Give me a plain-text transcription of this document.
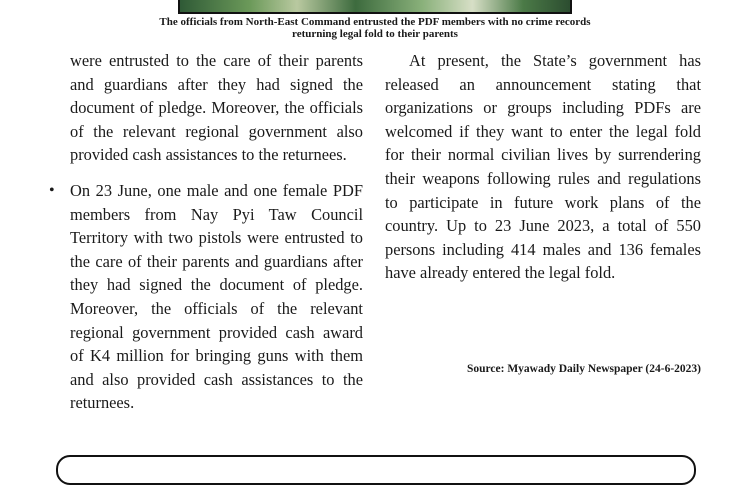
The officials from North-East Command entrusted the PDF members with no crime records
returning legal fold to their parents

were entrusted to the care of their parents and guardians after they had signed the document of pledge. Moreover, the officials of the relevant regional government also provided cash assistances to the returnees.

• On 23 June, one male and one female PDF members from Nay Pyi Taw Council Territory with two pistols were entrusted to the care of their parents and guardians after they had signed the document of pledge. Moreover, the officials of the relevant regional government provided cash award of K4 million for bringing guns with them and also provided cash assistances to the returnees.

At present, the State’s government has released an announcement stating that organizations or groups including PDFs are welcomed if they want to enter the legal fold for their normal civilian lives by surrendering their weapons following rules and regulations to participate in future work plans of the country. Up to 23 June 2023, a total of 550 persons including 414 males and 136 females have already entered the legal fold.

Source: Myawady Daily Newspaper (24-6-2023)
